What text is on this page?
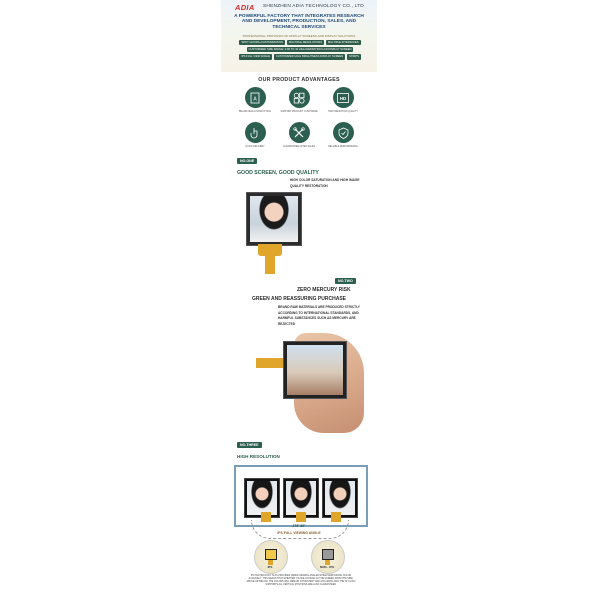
ADIA SHENZHEN ADIA TECHNOLOGY CO., LTD
A POWERFUL FACTORY THAT INTEGRATES RESEARCH AND DEVELOPMENT, PRODUCTION, SALES, AND TECHNICAL SERVICES
PROFESSIONAL PROVISION OF DISPLAY SCREENS AND DISPLAY SOLUTIONS
SPOT GOODS+CUSTOMIZATION	MULTIPLE RESOLUTIONS	MULTIPLE INTERFACES
CUSTOMIZED SIZE RANGE: 0.96 TO 40 HIGH DEFINITION LCD DISPLAY SCREEN
IPS FULL VIEW ANGLE	CUSTOMIZED HIGH BRIGHTNESS DISPLAY SCREEN	STRIPS
OUR PRODUCT ADVANTAGES
A
BRAND NEW A PRODUCTION	SUPPORT PRODUCT CUSTOMIZE
HD
HIGH DEFINITION QUALITY
QUICK DELIVERY	GUARANTEED AFTER SALES	RELIABLE PERFORMANCE
NO.ONE
GOOD SCREEN, GOOD QUALITY
HIGH COLOR SATURATION AND HIGH IMAGE QUALITY RESTORATION
NO.TWO
ZERO MERCURY RISK
GREEN AND REASSURING PURCHASE
BRAND RAW MATERIALS ARE PRODUCED STRICTLY ACCORDING TO INTERNATIONAL STANDARDS, AND HARMFUL SUBSTANCES SUCH AS MERCURY ARE REJECTED
NO.THREE
HIGH RESOLUTION
178° 89°
IPS FULL VIEWING ANGLE
IPS	NON - IPS
IPS TECHNOLOGY IS AN PROVIDES WIDER VIEWING ANGLES WHILE MAINTAINING COLOR ACCURACY. THIS MEANS THAT WHETHER YOU'RE LOOKING AT THE SCREEN FROM THE SIDE, ABOVE OR BELOW, THE COLORS WILL REMAIN CONSISTENT AND ACCURATE, AND THE TFT ALSO SUPPORTS ALL VERTICAL POSITIONS ARE ALSO GUARANTEED.
